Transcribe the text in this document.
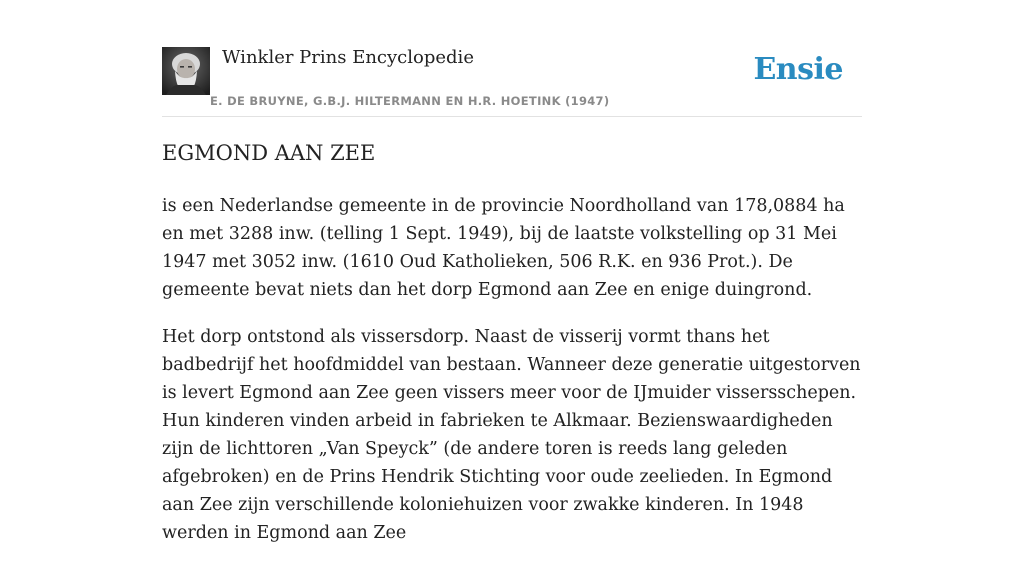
Winkler Prins Encyclopedie
E. DE BRUYNE, G.B.J. HILTERMANN EN H.R. HOETINK (1947)
Ensie
EGMOND AAN ZEE

is een Nederlandse gemeente in de provincie Noordholland van 178,0884 ha en met 3288 inw. (telling 1 Sept. 1949), bij de laatste volkstelling op 31 Mei 1947 met 3052 inw. (1610 Oud Katholieken, 506 R.K. en 936 Prot.). De gemeente bevat niets dan het dorp Egmond aan Zee en enige duingrond.

Het dorp ontstond als vissersdorp. Naast de visserij vormt thans het badbedrijf het hoofdmiddel van bestaan. Wanneer deze generatie uitgestorven is levert Egmond aan Zee geen vissers meer voor de IJmuider vissersschepen. Hun kinderen vinden arbeid in fabrieken te Alkmaar. Bezienswaardigheden zijn de lichttoren „Van Speyck” (de andere toren is reeds lang geleden afgebroken) en de Prins Hendrik Stichting voor oude zeelieden. In Egmond aan Zee zijn verschillende koloniehuizen voor zwakke kinderen. In 1948 werden in Egmond aan Zee
